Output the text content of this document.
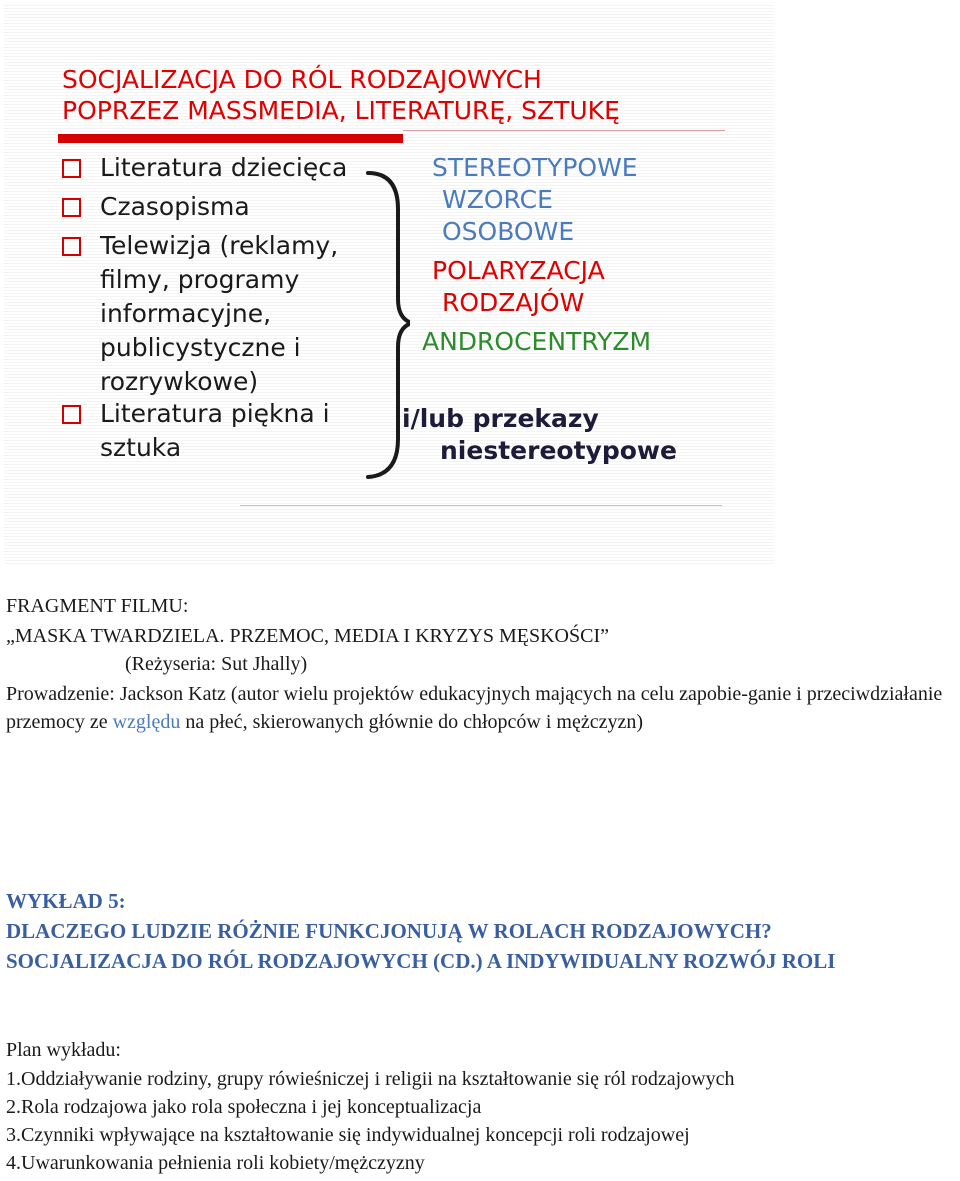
SOCJALIZACJA DO RÓL RODZAJOWYCH
POPRZEZ MASSMEDIA, LITERATURĘ, SZTUKĘ
Literatura dziecięca
Czasopisma
Telewizja (reklamy, filmy, programy informacyjne, publicystyczne i rozrywkowe)
Literatura piękna i sztuka
STEREOTYPOWE
WZORCE
OSOBOWE
POLARYZACJA
RODZAJÓW
ANDROCENTRYZM
i/lub przekazy
niestereotypowe
FRAGMENT FILMU:
„MASKA TWARDZIELA. PRZEMOC, MEDIA I KRYZYS MĘSKOŚCI”
(Reżyseria: Sut Jhally)
Prowadzenie: Jackson Katz (autor wielu projektów edukacyjnych mających na celu zapobie-ganie i przeciwdziałanie przemocy ze względu na płeć, skierowanych głównie do chłopców i mężczyzn)
WYKŁAD 5:
DLACZEGO LUDZIE RÓŻNIE FUNKCJONUJĄ W ROLACH RODZAJOWYCH?
SOCJALIZACJA DO RÓL RODZAJOWYCH (CD.) A INDYWIDUALNY ROZWÓJ ROLI
Plan wykładu:
1.Oddziaływanie rodziny, grupy rówieśniczej i religii na kształtowanie się ról rodzajowych
2.Rola rodzajowa jako rola społeczna i jej konceptualizacja
3.Czynniki wpływające na kształtowanie się indywidualnej koncepcji roli rodzajowej
4.Uwarunkowania pełnienia roli kobiety/mężczyzny
